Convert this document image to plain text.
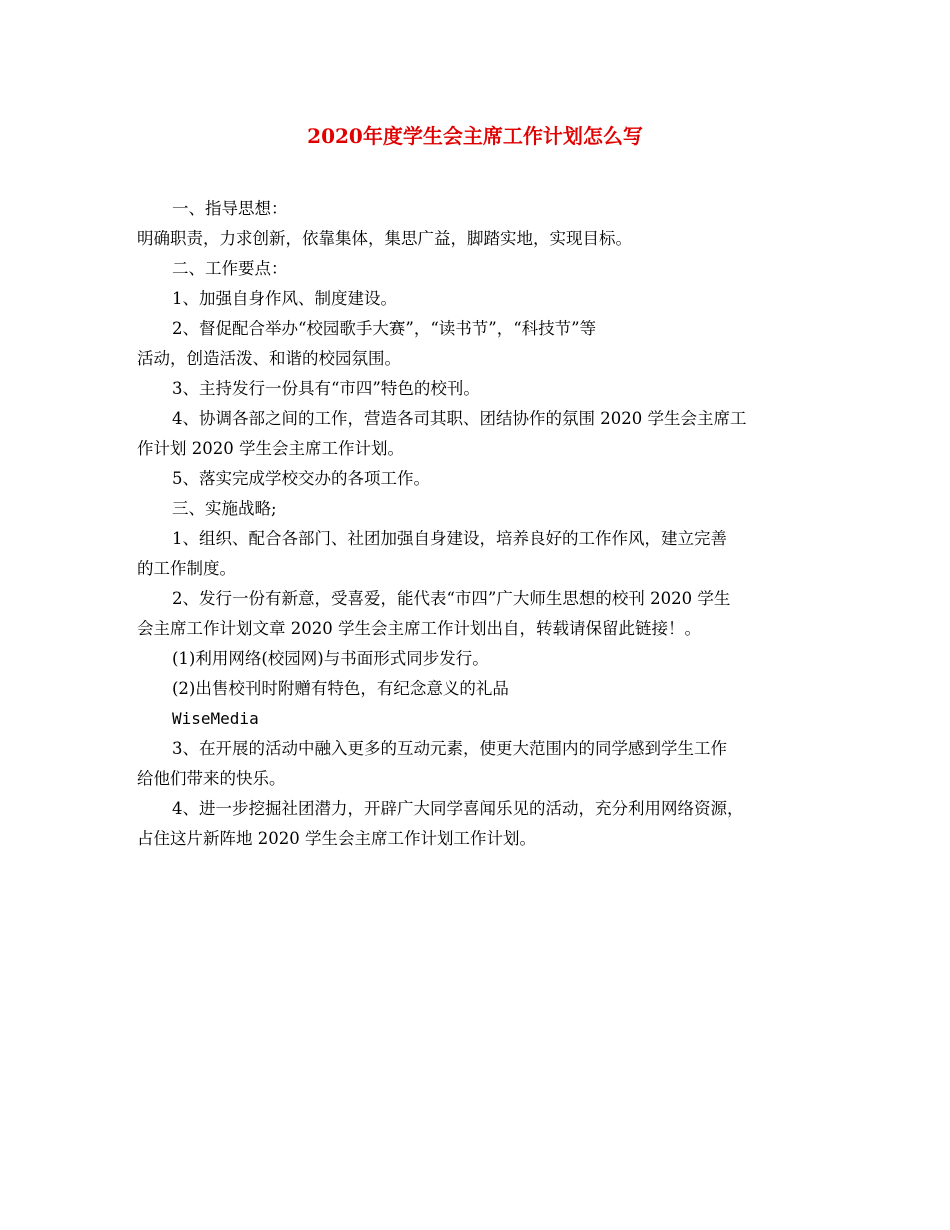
2020年度学生会主席工作计划怎么写

一、指导思想：

明确职责，力求创新，依靠集体，集思广益，脚踏实地，实现目标。

二、工作要点：

1、加强自身作风、制度建设。

2、督促配合举办“校园歌手大赛”，“读书节”，“科技节”等

活动，创造活泼、和谐的校园氛围。

3、主持发行一份具有“市四”特色的校刊。

4、协调各部之间的工作，营造各司其职、团结协作的氛围 2020 学生会主席工
作计划 2020 学生会主席工作计划。

5、落实完成学校交办的各项工作。

三、实施战略;

1、组织、配合各部门、社团加强自身建设，培养良好的工作作风，建立完善
的工作制度。

2、发行一份有新意，受喜爱，能代表“市四”广大师生思想的校刊 2020 学生
会主席工作计划文章 2020 学生会主席工作计划出自，转载请保留此链接！。

(1)利用网络(校园网)与书面形式同步发行。

(2)出售校刊时附赠有特色，有纪念意义的礼品

WiseMedia

3、在开展的活动中融入更多的互动元素，使更大范围内的同学感到学生工作
给他们带来的快乐。

4、进一步挖掘社团潜力，开辟广大同学喜闻乐见的活动，充分利用网络资源，
占住这片新阵地 2020 学生会主席工作计划工作计划。
